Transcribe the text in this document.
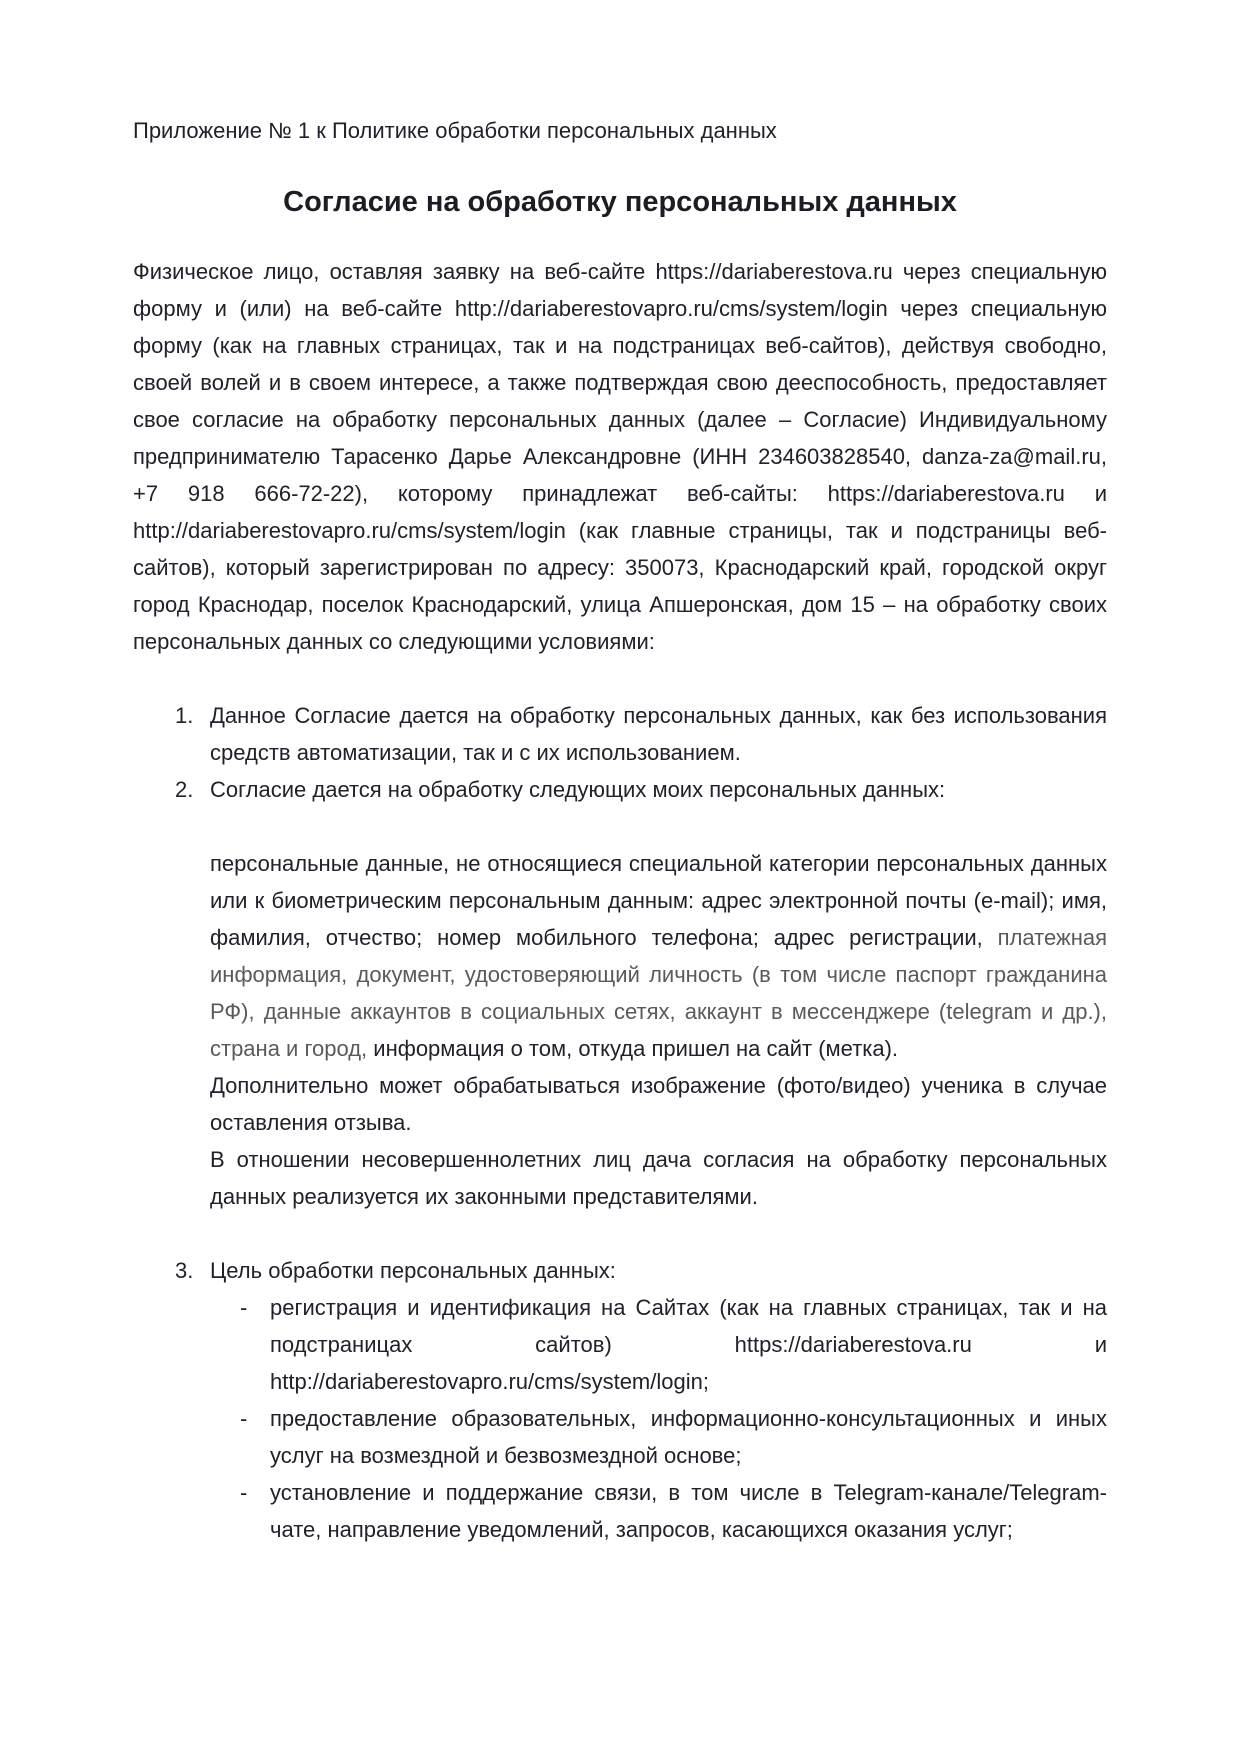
Приложение № 1 к Политике обработки персональных данных

Согласие на обработку персональных данных

Физическое лицо, оставляя заявку на веб-сайте https://dariaberestova.ru через специальную форму и (или) на веб-сайте http://dariaberestovapro.ru/cms/system/login через специальную форму (как на главных страницах, так и на подстраницах веб-сайтов), действуя свободно, своей волей и в своем интересе, а также подтверждая свою дееспособность, предоставляет свое согласие на обработку персональных данных (далее – Согласие) Индивидуальному предпринимателю Тарасенко Дарье Александровне (ИНН 234603828540, danza-za@mail.ru, +7 918 666-72-22), которому принадлежат веб-сайты: https://dariaberestova.ru и http://dariaberestovapro.ru/cms/system/login (как главные страницы, так и подстраницы веб-сайтов), который зарегистрирован по адресу: 350073, Краснодарский край, городской округ город Краснодар, поселок Краснодарский, улица Апшеронская, дом 15 – на обработку своих персональных данных со следующими условиями:

1. Данное Согласие дается на обработку персональных данных, как без использования средств автоматизации, так и с их использованием.
2. Согласие дается на обработку следующих моих персональных данных:

персональные данные, не относящиеся специальной категории персональных данных или к биометрическим персональным данным: адрес электронной почты (e-mail); имя, фамилия, отчество; номер мобильного телефона; адрес регистрации, платежная информация, документ, удостоверяющий личность (в том числе паспорт гражданина РФ), данные аккаунтов в социальных сетях, аккаунт в мессенджере (telegram и др.), страна и город, информация о том, откуда пришел на сайт (метка).

Дополнительно может обрабатываться изображение (фото/видео) ученика в случае оставления отзыва.

В отношении несовершеннолетних лиц дача согласия на обработку персональных данных реализуется их законными представителями.

3. Цель обработки персональных данных:
-	регистрация и идентификация на Сайтах (как на главных страницах, так и на подстраницах сайтов) https://dariaberestova.ru и http://dariaberestovapro.ru/cms/system/login;
-	предоставление образовательных, информационно-консультационных и иных услуг на возмездной и безвозмездной основе;
-	установление и поддержание связи, в том числе в Telegram-канале/Telegram-чате, направление уведомлений, запросов, касающихся оказания услуг;
